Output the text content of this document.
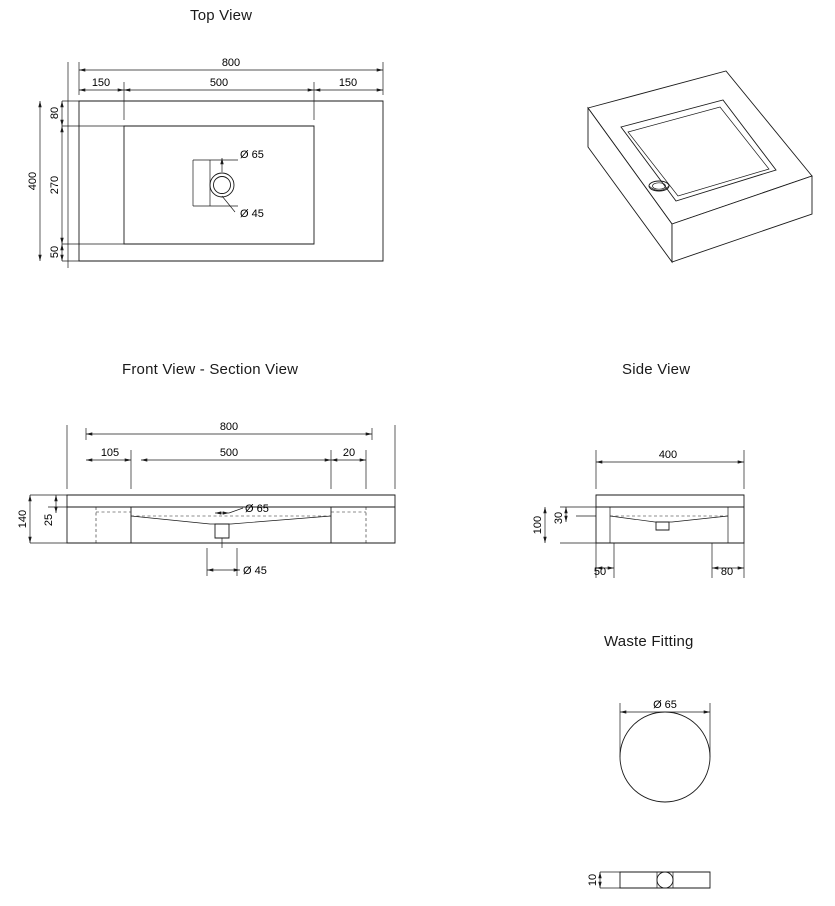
Top View
Front View - Section View	Side View
Waste Fitting
800
150	500	150
400
80
270
50
Ø 65
Ø 45
800
105	500	20
140 25
Ø 65
Ø 45
400
100 30
50	80
Ø 65
10
